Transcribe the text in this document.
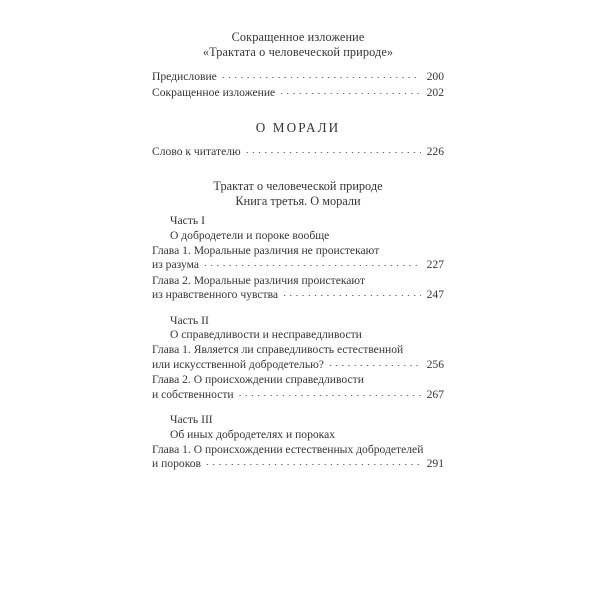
Сокращенное изложение
«Трактата о человеческой природе»
Предисловие . . .	200
Сокращенное изложение . . .	202
О МОРАЛИ
Слово к читателю . . .	226
Трактат о человеческой природе
Книга третья. О морали
Часть I
О добродетели и пороке вообще
Глава 1. Моральные различия не проистекают
из разума . . .	227
Глава 2. Моральные различия проистекают
из нравственного чувства . . .	247
Часть II
О справедливости и несправедливости
Глава 1. Является ли справедливость естественной
или искусственной добродетелью? . . .	256
Глава 2. О происхождении справедливости
и собственности . . .	267
Часть III
Об иных добродетелях и пороках
Глава 1. О происхождении естественных добродетелей
и пороков . . .	291
